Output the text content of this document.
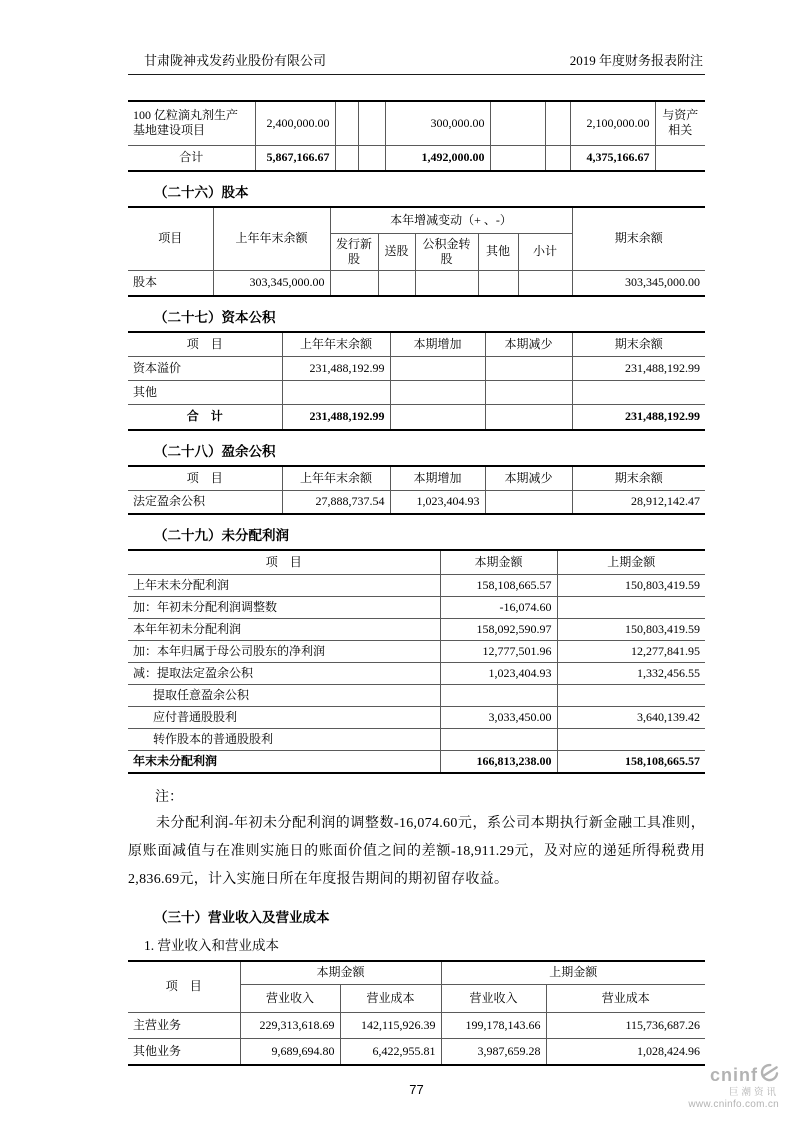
甘肃陇神戎发药业股份有限公司	2019 年度财务报表附注
100 亿粒滴丸剂生产基地建设项目	2,400,000.00			300,000.00			2,100,000.00	与资产相关
合计	5,867,166.67			1,492,000.00			4,375,166.67	
（二十六）股本
项目	上年年末余额	本年增减变动（+ 、-）					期末余额
		发行新股	送股	公积金转股	其他	小计	
股本	303,345,000.00						303,345,000.00
（二十七）资本公积
项　目	上年年末余额	本期增加	本期减少	期末余额
资本溢价	231,488,192.99			231,488,192.99
其他				
合　计	231,488,192.99			231,488,192.99
（二十八）盈余公积
项　目	上年年末余额	本期增加	本期减少	期末余额
法定盈余公积	27,888,737.54	1,023,404.93		28,912,142.47
（二十九）未分配利润
项　目	本期金额	上期金额
上年末未分配利润	158,108,665.57	150,803,419.59
加：年初未分配利润调整数	-16,074.60	
本年年初未分配利润	158,092,590.97	150,803,419.59
加：本年归属于母公司股东的净利润	12,777,501.96	12,277,841.95
减：提取法定盈余公积	1,023,404.93	1,332,456.55
提取任意盈余公积		
应付普通股股利	3,033,450.00	3,640,139.42
转作股本的普通股股利		
年末未分配利润	166,813,238.00	158,108,665.57
注：

未分配利润-年初未分配利润的调整数-16,074.60元，系公司本期执行新金融工具准则，原账面减值与在准则实施日的账面价值之间的差额-18,911.29元，及对应的递延所得税费用2,836.69元，计入实施日所在年度报告期间的期初留存收益。

（三十）营业收入及营业成本
1. 营业收入和营业成本
项　目	本期金额		上期金额	
	营业收入	营业成本	营业收入	营业成本
主营业务	229,313,618.69	142,115,926.39	199,178,143.66	115,736,687.26
其他业务	9,689,694.80	6,422,955.81	3,987,659.28	1,028,424.96
77
cninf
巨潮资讯
www.cninfo.com.cn
